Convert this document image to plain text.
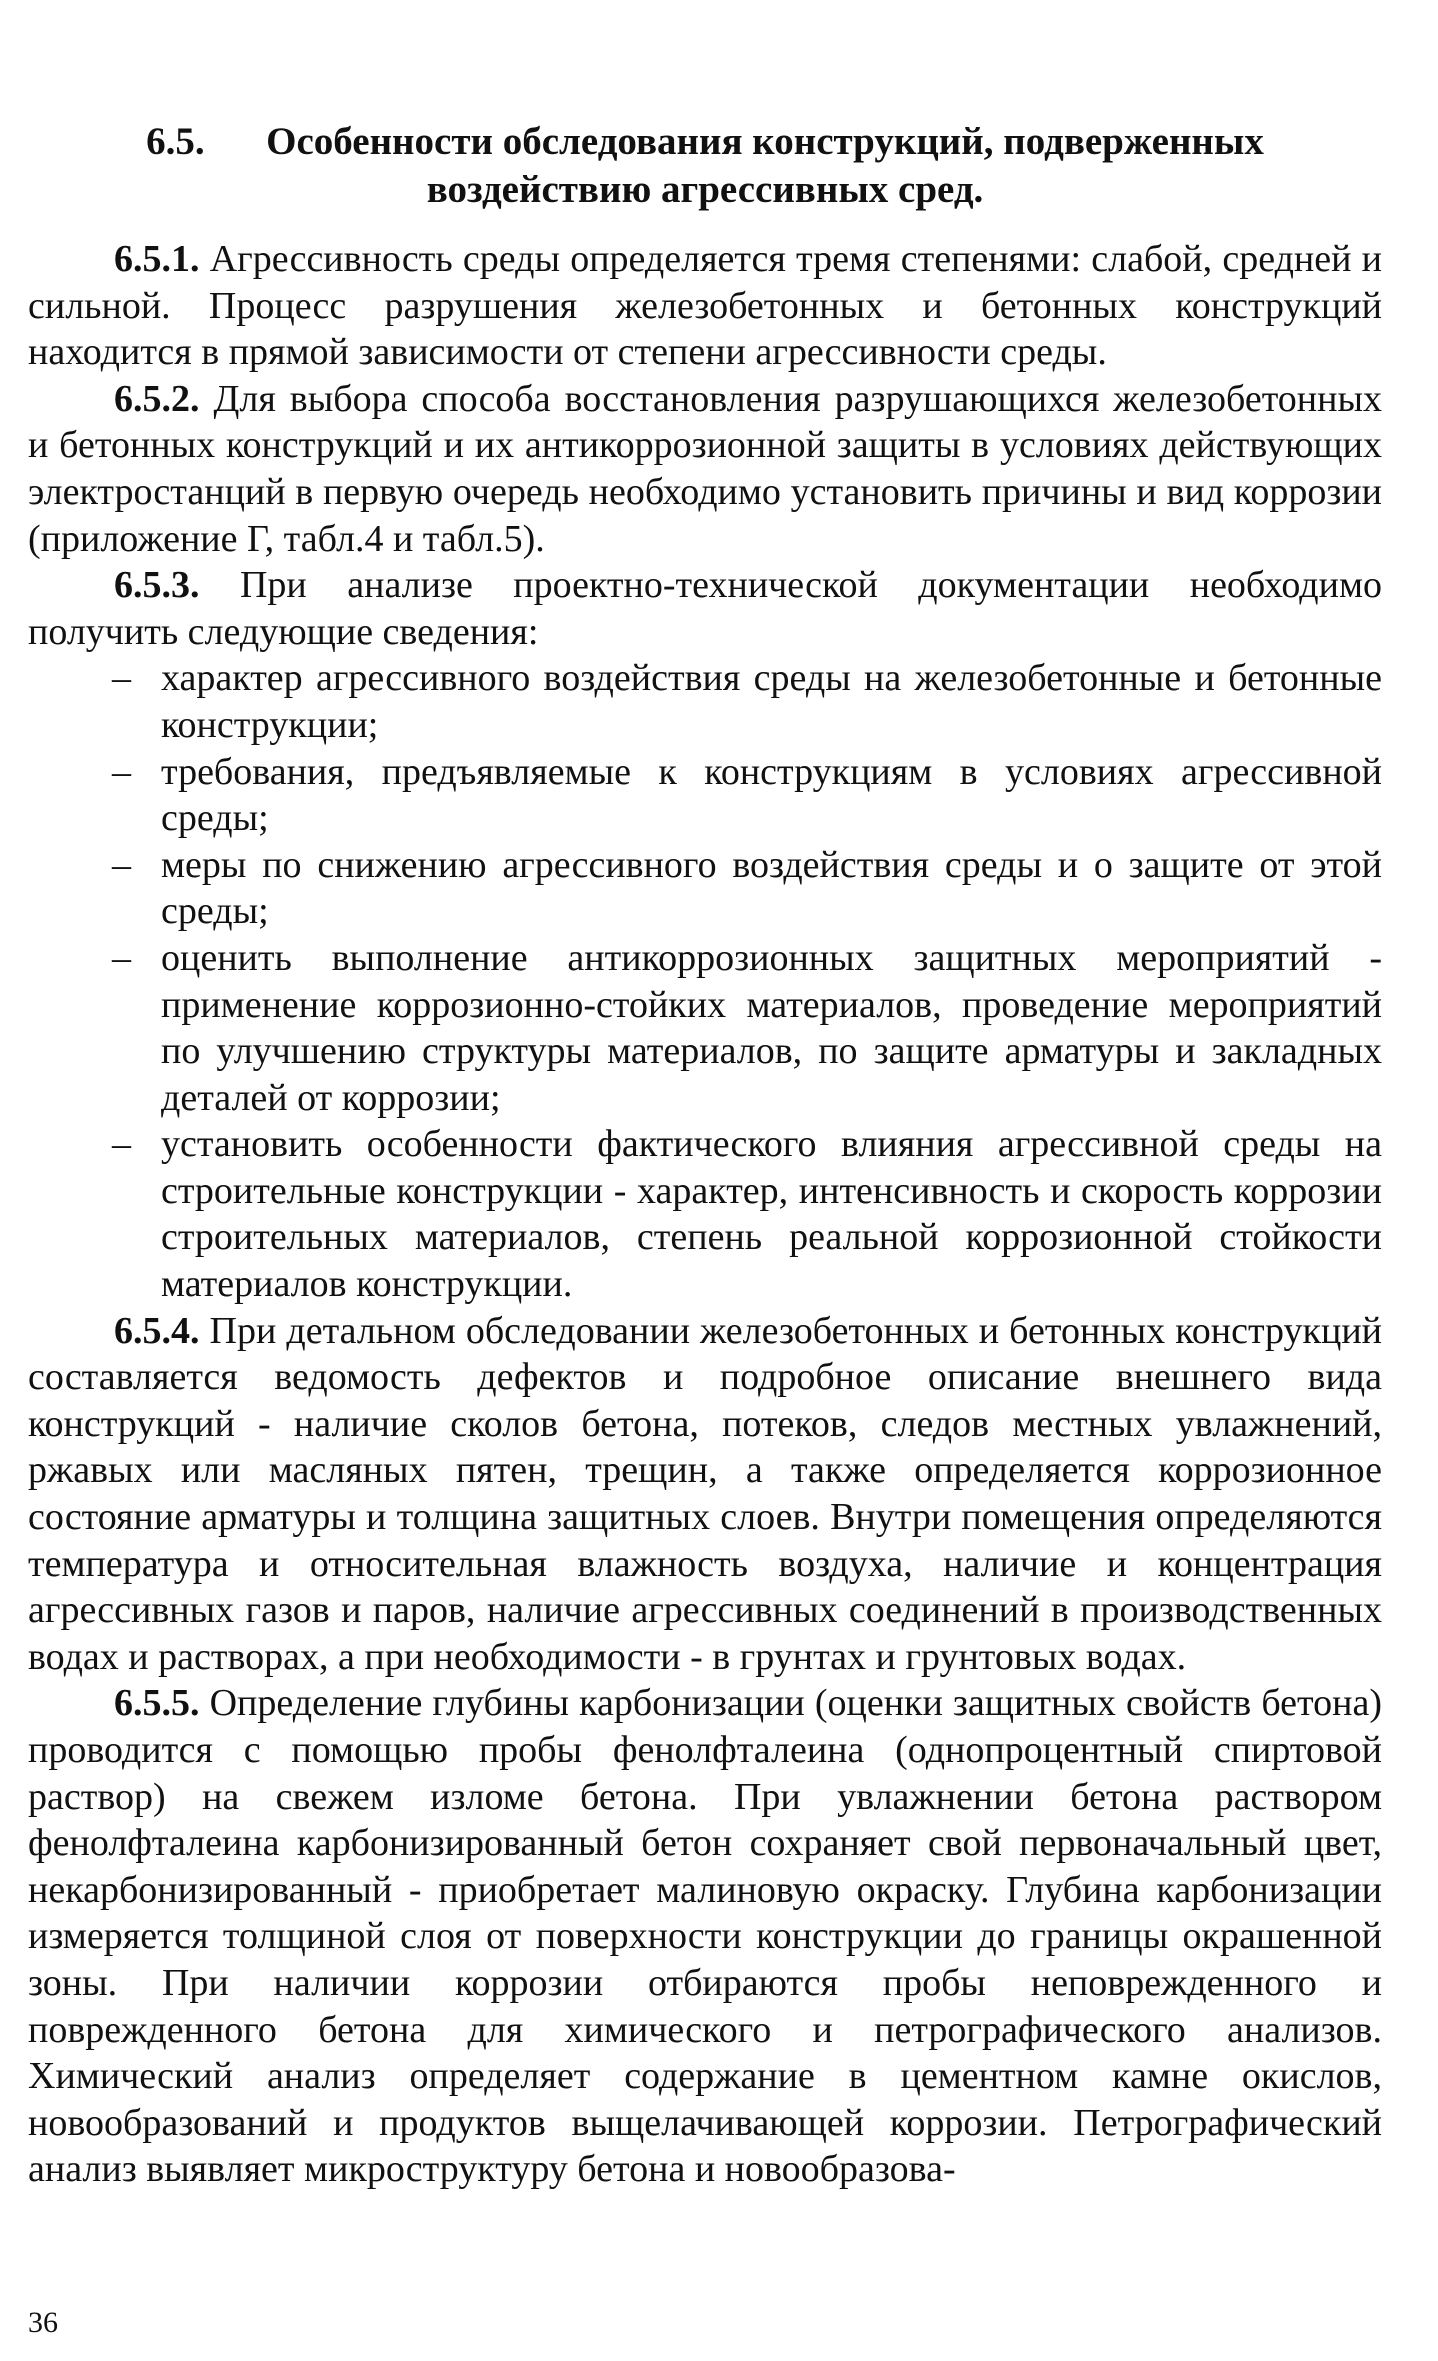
6.5. Особенности обследования конструкций, подверженных
воздействию агрессивных сред.

6.5.1. Агрессивность среды определяется тремя степенями: слабой, средней и сильной. Процесс разрушения железобетонных и бетонных конструкций находится в прямой зависимости от степени агрессивности среды.

6.5.2. Для выбора способа восстановления разрушающихся железобетонных и бетонных конструкций и их антикоррозионной защиты в условиях действующих электростанций в первую очередь необходимо установить причины и вид коррозии (приложение Г, табл.4 и табл.5).

6.5.3. При анализе проектно-технической документации необходимо получить следующие сведения:

– характер агрессивного воздействия среды на железобетонные и бетонные конструкции;

– требования, предъявляемые к конструкциям в условиях агрессивной среды;

– меры по снижению агрессивного воздействия среды и о защите от этой среды;

– оценить выполнение антикоррозионных защитных мероприятий - применение коррозионно-стойких материалов, проведение мероприятий по улучшению структуры материалов, по защите арматуры и закладных деталей от коррозии;

– установить особенности фактического влияния агрессивной среды на строительные конструкции - характер, интенсивность и скорость коррозии строительных материалов, степень реальной коррозионной стойкости материалов конструкции.

6.5.4. При детальном обследовании железобетонных и бетонных конструкций составляется ведомость дефектов и подробное описание внешнего вида конструкций - наличие сколов бетона, потеков, следов местных увлажнений, ржавых или масляных пятен, трещин, а также определяется коррозионное состояние арматуры и толщина защитных слоев. Внутри помещения определяются температура и относительная влажность воздуха, наличие и концентрация агрессивных газов и паров, наличие агрессивных соединений в производственных водах и растворах, а при необходимости - в грунтах и грунтовых водах.

6.5.5. Определение глубины карбонизации (оценки защитных свойств бетона) проводится с помощью пробы фенолфталеина (однопроцентный спиртовой раствор) на свежем изломе бетона. При увлажнении бетона раствором фенолфталеина карбонизированный бетон сохраняет свой первоначальный цвет, некарбонизированный - приобретает малиновую окраску. Глубина карбонизации измеряется толщиной слоя от поверхности конструкции до границы окрашенной зоны. При наличии коррозии отбираются пробы неповрежденного и поврежденного бетона для химического и петрографического анализов. Химический анализ определяет содержание в цементном камне окислов, новообразований и продуктов выщелачивающей коррозии. Петрографический анализ выявляет микроструктуру бетона и новообразова-

36
